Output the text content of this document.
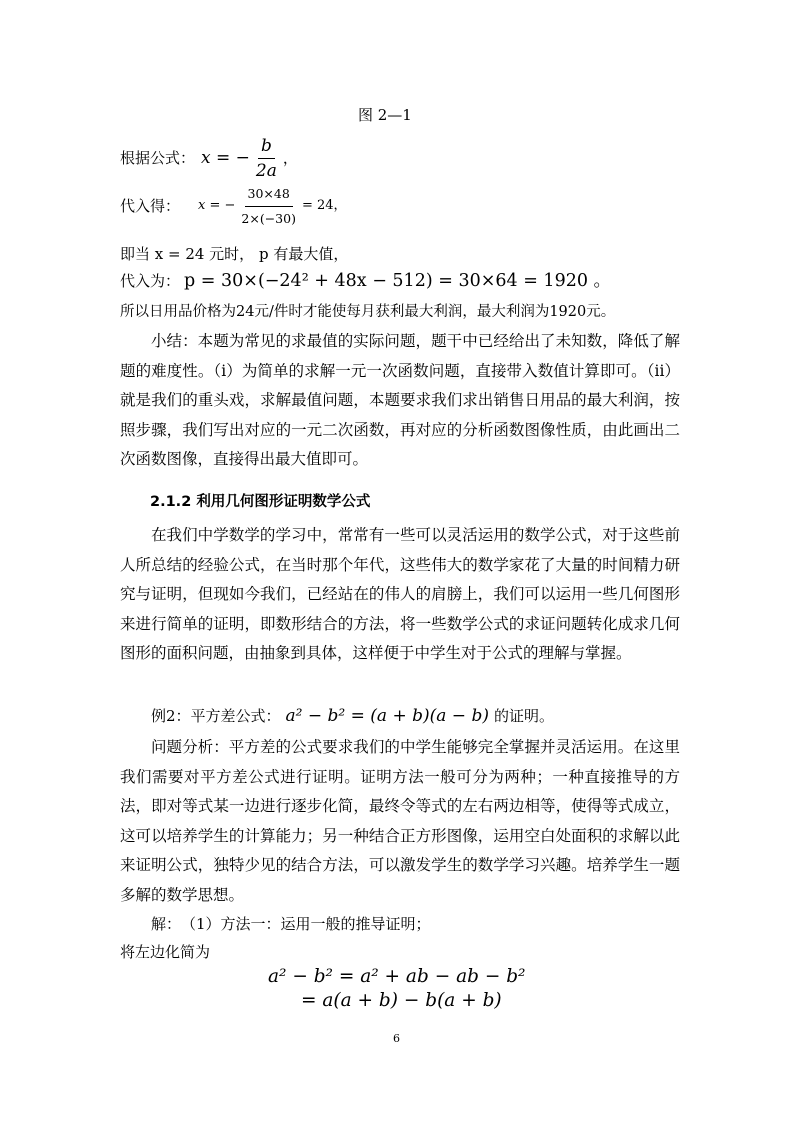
图 2—1
根据公式： x = − $\frac{b}{2a}$ ，
代入得：	x = − $\frac{30\times 48}{2\times(-30)} = 24$，
即当 x = 24 元时， p 有最大值，
代入为： p = 30×(−24² + 48x − 512) = 30×64 = 1920 。
所以日用品价格为24元/件时才能使每月获利最大利润，最大利润为1920元。
小结：本题为常见的求最值的实际问题，题干中已经给出了未知数，降低了解题的难度性。（i）为简单的求解一元一次函数问题，直接带入数值计算即可。（ii）就是我们的重头戏，求解最值问题，本题要求我们求出销售日用品的最大利润，按照步骤，我们写出对应的一元二次函数，再对应的分析函数图像性质，由此画出二次函数图像，直接得出最大值即可。
2.1.2 利用几何图形证明数学公式
在我们中学数学的学习中，常常有一些可以灵活运用的数学公式，对于这些前人所总结的经验公式，在当时那个年代，这些伟大的数学家花了大量的时间精力研究与证明，但现如今我们，已经站在的伟人的肩膀上，我们可以运用一些几何图形来进行简单的证明，即数形结合的方法，将一些数学公式的求证问题转化成求几何图形的面积问题，由抽象到具体，这样便于中学生对于公式的理解与掌握。
例2：平方差公式： a² − b² = (a + b)(a − b) 的证明。
问题分析：平方差的公式要求我们的中学生能够完全掌握并灵活运用。在这里我们需要对平方差公式进行证明。证明方法一般可分为两种；一种直接推导的方法，即对等式某一边进行逐步化简，最终令等式的左右两边相等，使得等式成立，这可以培养学生的计算能力；另一种结合正方形图像，运用空白处面积的求解以此来证明公式，独特少见的结合方法，可以激发学生的数学学习兴趣。培养学生一题多解的数学思想。
解：　（1）方法一：运用一般的推导证明；
将左边化简为
a² − b² = a² + ab − ab − b²
= a(a + b) − b(a + b)
6
